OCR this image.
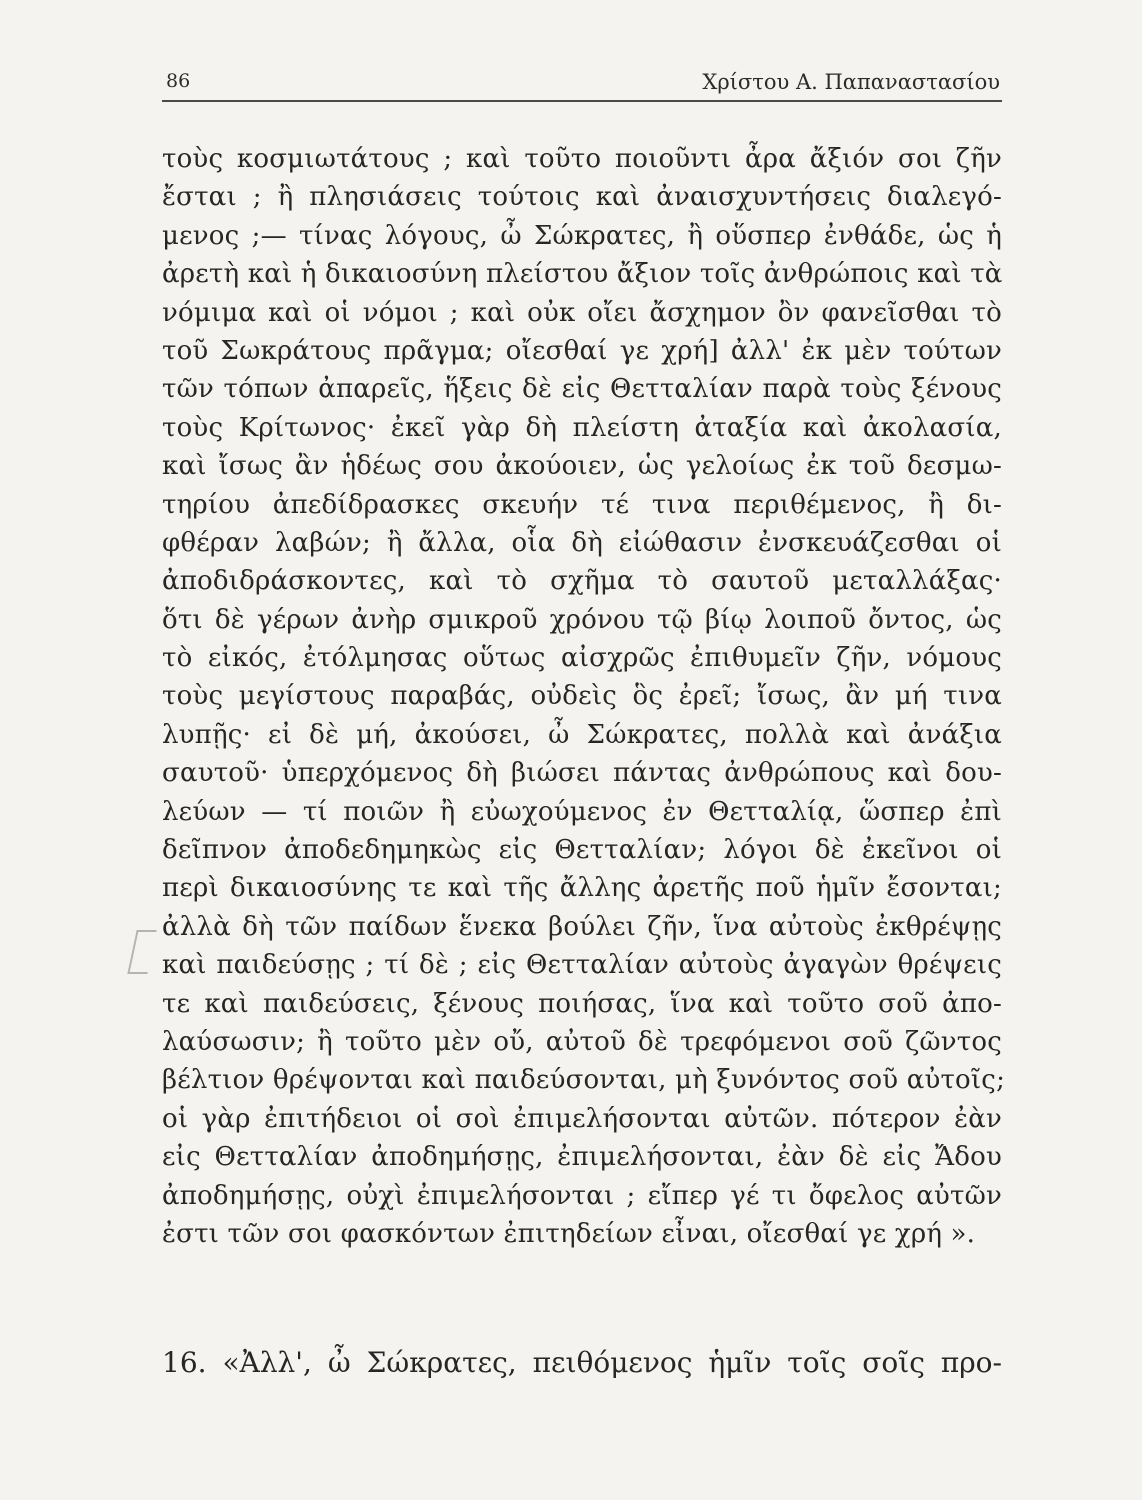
86	Χρίστου Α. Παπαναστασίου
τοὺς κοσμιωτάτους ; καὶ τοῦτο ποιοῦντι ἆρα ἄξιόν σοι ζῆν
ἔσται ; ἢ πλησιάσεις τούτοις καὶ ἀναισχυντήσεις διαλεγό-
μενος ;— τίνας λόγους, ὦ Σώκρατες, ἢ οὕσπερ ἐνθάδε, ὡς ἡ
ἀρετὴ καὶ ἡ δικαιοσύνη πλείστου ἄξιον τοῖς ἀνθρώποις καὶ τὰ
νόμιμα καὶ οἱ νόμοι ; καὶ οὐκ οἴει ἄσχημον ὂν φανεῖσθαι τὸ
τοῦ Σωκράτους πρᾶγμα; οἴεσθαί γε χρή] ἀλλ' ἐκ μὲν τούτων
τῶν τόπων ἀπαρεῖς, ἥξεις δὲ εἰς Θετταλίαν παρὰ τοὺς ξένους
τοὺς Κρίτωνος· ἐκεῖ γὰρ δὴ πλείστη ἀταξία καὶ ἀκολασία,
καὶ ἴσως ἂν ἡδέως σου ἀκούοιεν, ὡς γελοίως ἐκ τοῦ δεσμω-
τηρίου ἀπεδίδρασκες σκευήν τέ τινα περιθέμενος, ἢ δι-
φθέραν λαβών; ἢ ἄλλα, οἷα δὴ εἰώθασιν ἐνσκευάζεσθαι οἱ
ἀποδιδράσκοντες, καὶ τὸ σχῆμα τὸ σαυτοῦ μεταλλάξας·
ὅτι δὲ γέρων ἀνὴρ σμικροῦ χρόνου τῷ βίῳ λοιποῦ ὄντος, ὡς
τὸ εἰκός, ἐτόλμησας οὕτως αἰσχρῶς ἐπιθυμεῖν ζῆν, νόμους
τοὺς μεγίστους παραβάς, οὐδεὶς ὃς ἐρεῖ; ἴσως, ἂν μή τινα
λυπῇς· εἰ δὲ μή, ἀκούσει, ὦ Σώκρατες, πολλὰ καὶ ἀνάξια
σαυτοῦ· ὑπερχόμενος δὴ βιώσει πάντας ἀνθρώπους καὶ δου-
λεύων — τί ποιῶν ἢ εὐωχούμενος ἐν Θετταλίᾳ, ὥσπερ ἐπὶ
δεῖπνον ἀποδεδημηκὼς εἰς Θετταλίαν; λόγοι δὲ ἐκεῖνοι οἱ
περὶ δικαιοσύνης τε καὶ τῆς ἄλλης ἀρετῆς ποῦ ἡμῖν ἔσονται;
ἀλλὰ δὴ τῶν παίδων ἕνεκα βούλει ζῆν, ἵνα αὐτοὺς ἐκθρέψῃς
καὶ παιδεύσῃς ; τί δὲ ; εἰς Θετταλίαν αὐτοὺς ἀγαγὼν θρέψεις
τε καὶ παιδεύσεις, ξένους ποιήσας, ἵνα καὶ τοῦτο σοῦ ἀπο-
λαύσωσιν; ἢ τοῦτο μὲν οὔ, αὐτοῦ δὲ τρεφόμενοι σοῦ ζῶντος
βέλτιον θρέψονται καὶ παιδεύσονται, μὴ ξυνόντος σοῦ αὐτοῖς;
οἱ γὰρ ἐπιτήδειοι οἱ σοὶ ἐπιμελήσονται αὐτῶν. πότερον ἐὰν
εἰς Θετταλίαν ἀποδημήσῃς, ἐπιμελήσονται, ἐὰν δὲ εἰς Ἄδου
ἀποδημήσῃς, οὐχὶ ἐπιμελήσονται ; εἴπερ γέ τι ὄφελος αὐτῶν
ἐστι τῶν σοι φασκόντων ἐπιτηδείων εἶναι, οἴεσθαί γε χρή ».
16. «Ἀλλ', ὦ Σώκρατες, πειθόμενος ἡμῖν τοῖς σοῖς προ-
